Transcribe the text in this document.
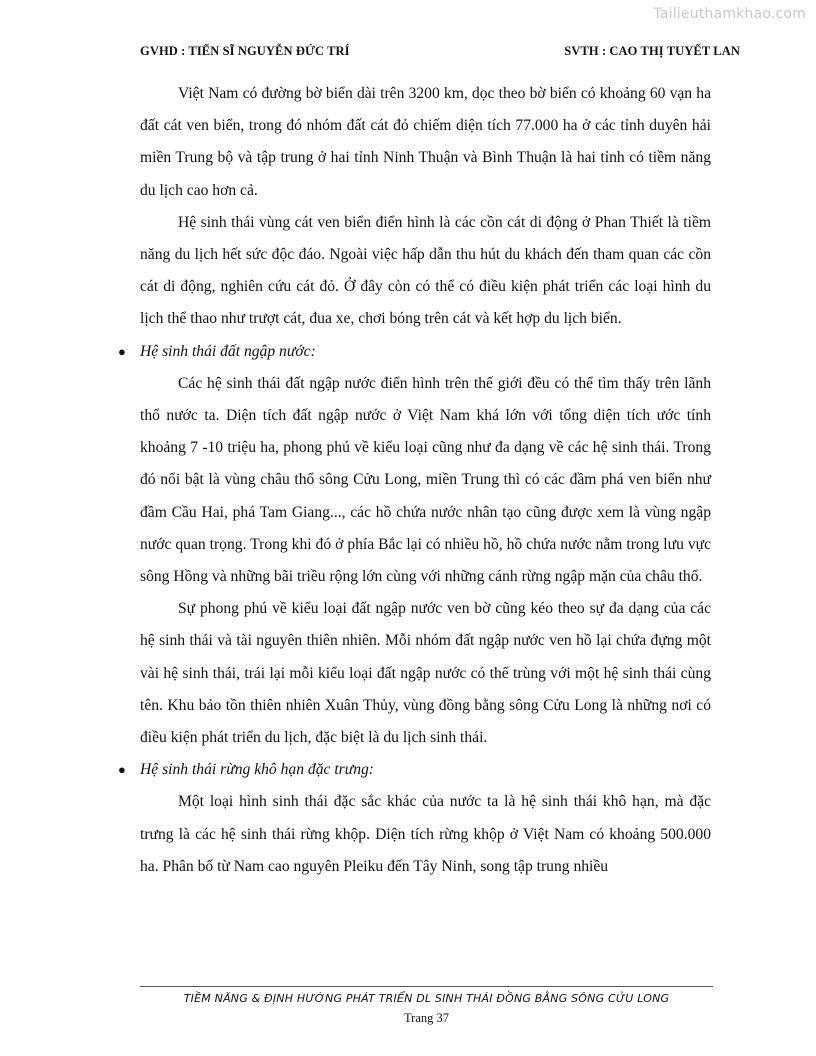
Tailieuthamkhao.com
GVHD : TIẾN SĨ NGUYỄN ĐỨC TRÍ	SVTH : CAO THỊ TUYẾT LAN

Việt Nam có đường bờ biển dài trên 3200 km, dọc theo bờ biển có khoảng 60 vạn ha đất cát ven biển, trong đó nhóm đất cát đỏ chiếm diện tích 77.000 ha ở các tỉnh duyên hải miền Trung bộ và tập trung ở hai tỉnh Ninh Thuận và Bình Thuận là hai tỉnh có tiềm năng du lịch cao hơn cả.

Hệ sinh thái vùng cát ven biển điển hình là các cồn cát di động ở Phan Thiết là tiềm năng du lịch hết sức độc đáo. Ngoài việc hấp dẫn thu hút du khách đến tham quan các cồn cát di động, nghiên cứu cát đỏ. Ở đây còn có thể có điều kiện phát triển các loại hình du lịch thể thao như trượt cát, đua xe, chơi bóng trên cát và kết hợp du lịch biển.

● Hệ sinh thái đất ngập nước:

Các hệ sinh thái đất ngập nước điển hình trên thế giới đều có thể tìm thấy trên lãnh thổ nước ta. Diện tích đất ngập nước ở Việt Nam khá lớn với tổng diện tích ước tính khoảng 7 -10 triệu ha, phong phú về kiểu loại cũng như đa dạng về các hệ sinh thái. Trong đó nổi bật là vùng châu thổ sông Cửu Long, miền Trung thì có các đầm phá ven biển như đầm Cầu Hai, phá Tam Giang..., các hồ chứa nước nhân tạo cũng được xem là vùng ngập nước quan trọng. Trong khi đó ở phía Bắc lại có nhiều hồ, hồ chứa nước nằm trong lưu vực sông Hồng và những bãi triều rộng lớn cùng với những cánh rừng ngập mặn của châu thổ.

Sự phong phú về kiểu loại đất ngập nước ven bờ cũng kéo theo sự đa dạng của các hệ sinh thái và tài nguyên thiên nhiên. Mỗi nhóm đất ngập nước ven hồ lại chứa đựng một vài hệ sinh thái, trái lại mỗi kiểu loại đất ngập nước có thể trùng với một hệ sinh thái cùng tên. Khu bảo tồn thiên nhiên Xuân Thủy, vùng đồng bằng sông Cửu Long là những nơi có điều kiện phát triển du lịch, đặc biệt là du lịch sinh thái.

● Hệ sinh thái rừng khô hạn đặc trưng:

Một loại hình sinh thái đặc sắc khác của nước ta là hệ sinh thái khô hạn, mà đặc trưng là các hệ sinh thái rừng khộp. Diện tích rừng khộp ở Việt Nam có khoảng 500.000 ha. Phân bố từ Nam cao nguyên Pleiku đến Tây Ninh, song tập trung nhiều

TIỀM NĂNG & ĐỊNH HƯỚNG PHÁT TRIỂN DL SINH THÁI ĐỒNG BẰNG SÔNG CỬU LONG
Trang 37
